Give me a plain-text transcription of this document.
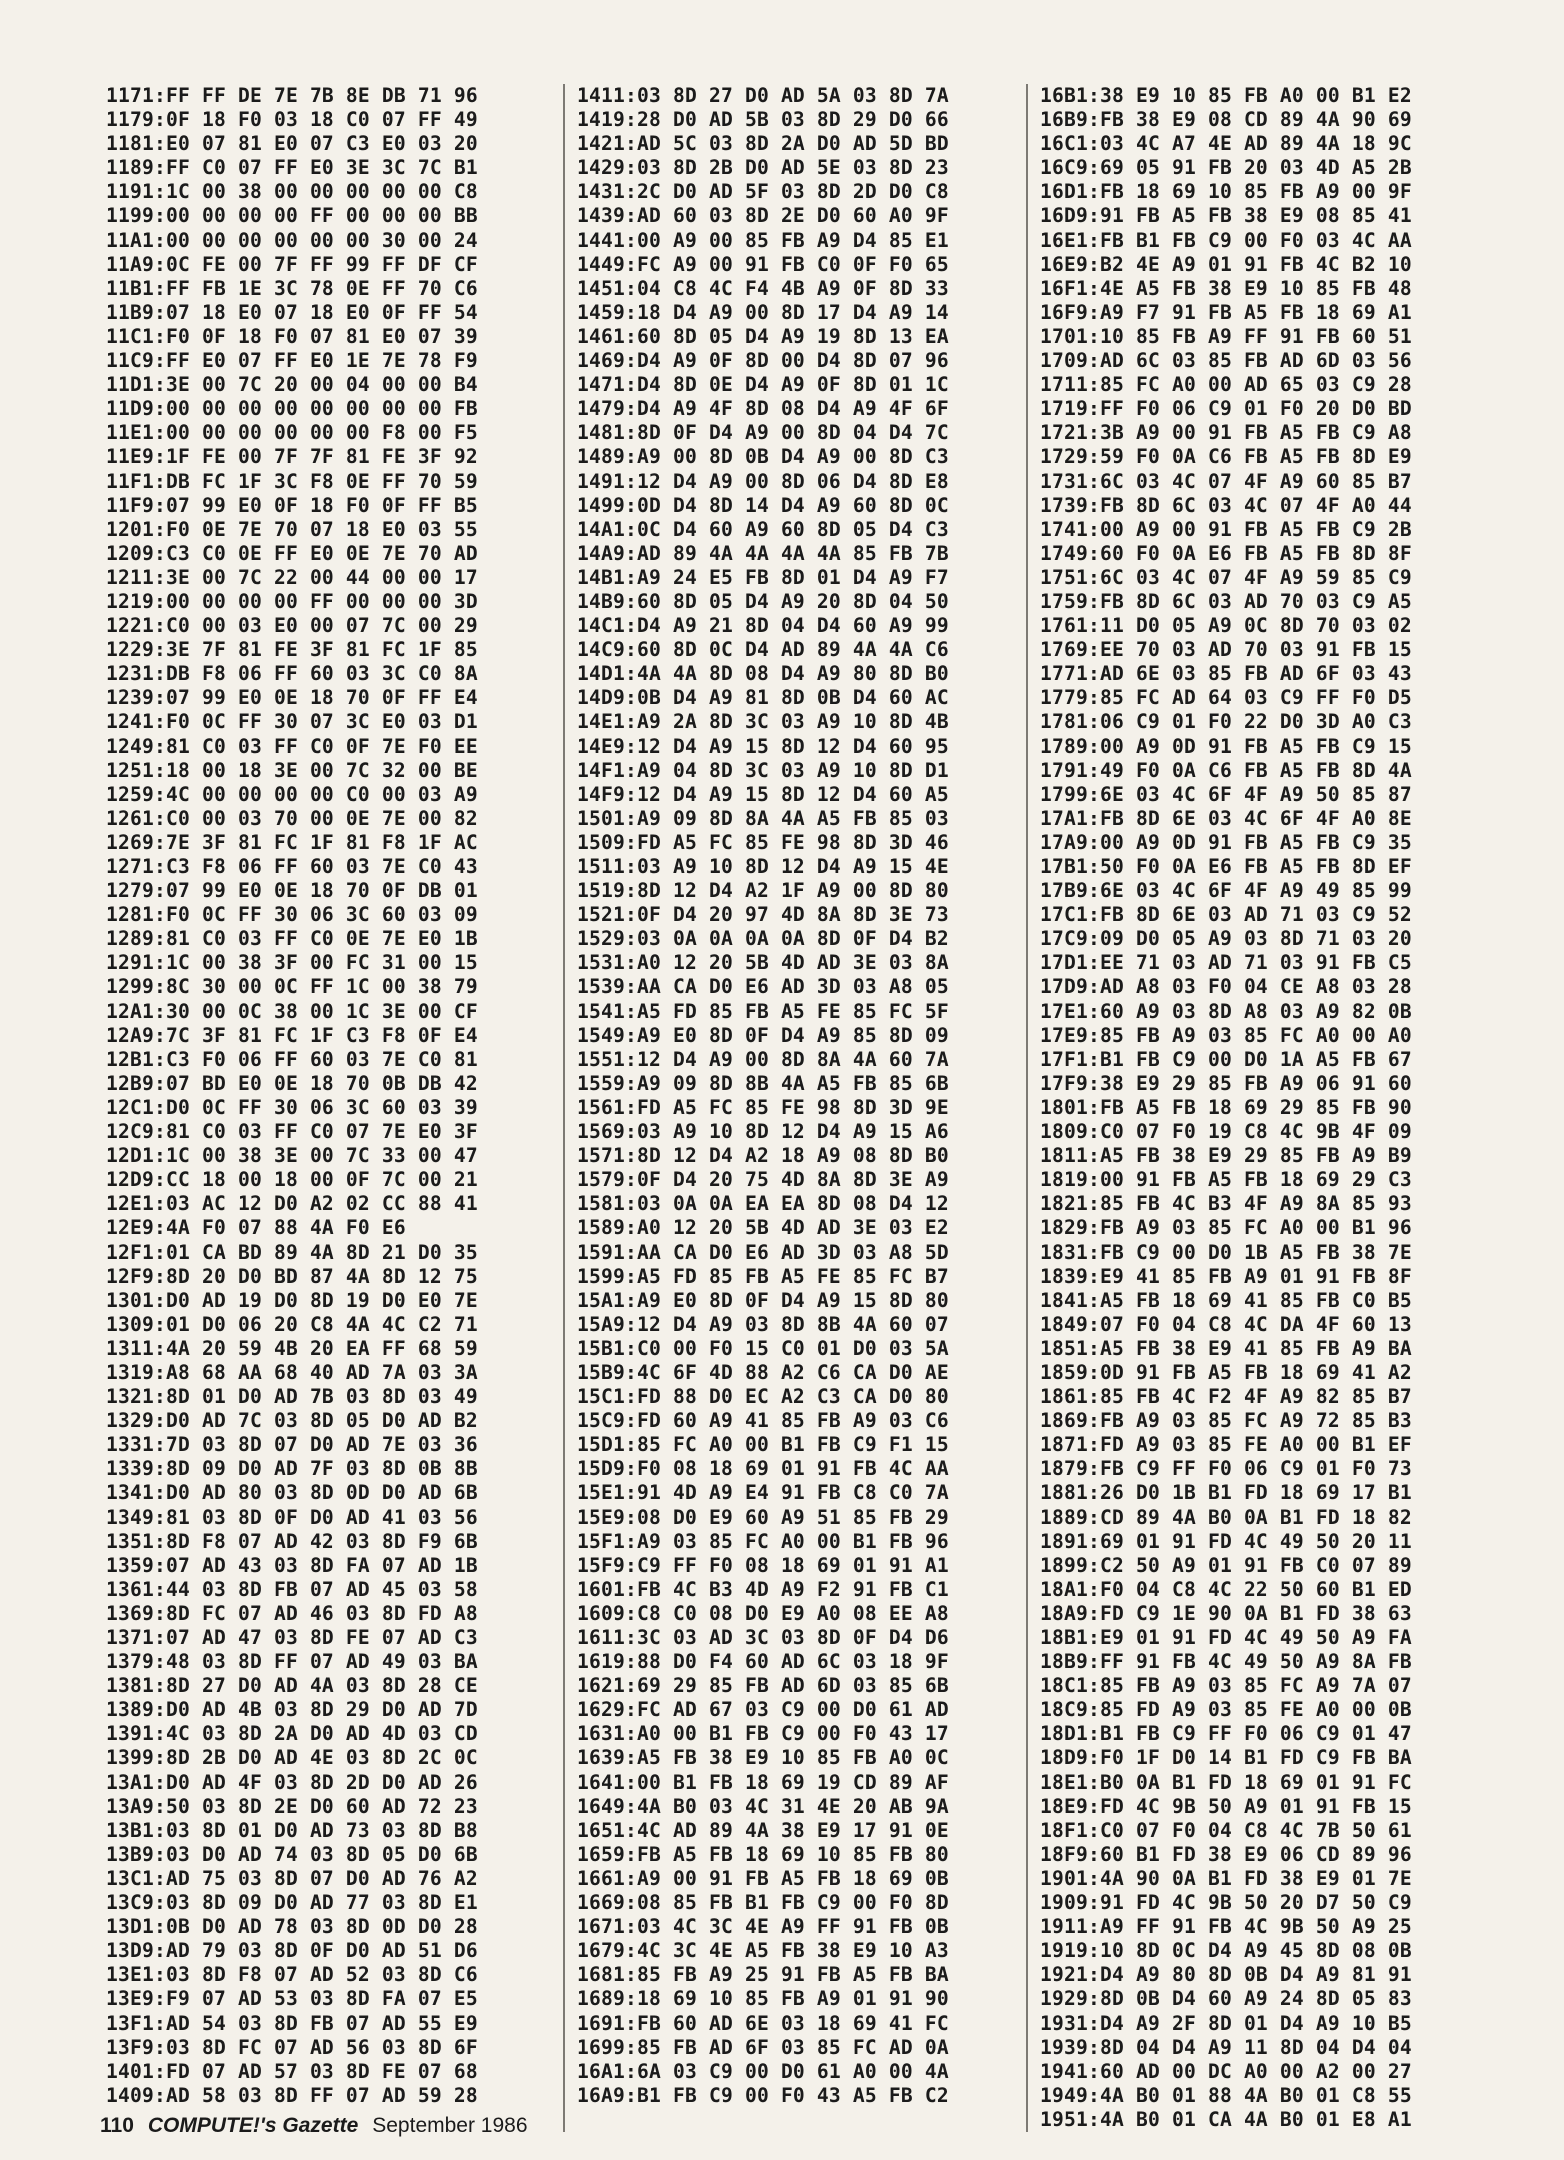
1171:FF FF DE 7E 7B 8E DB 71 96
1179:0F 18 F0 03 18 C0 07 FF 49
1181:E0 07 81 E0 07 C3 E0 03 20
1189:FF C0 07 FF E0 3E 3C 7C B1
1191:1C 00 38 00 00 00 00 00 C8
1199:00 00 00 00 FF 00 00 00 BB
11A1:00 00 00 00 00 00 30 00 24
11A9:0C FE 00 7F FF 99 FF DF CF
11B1:FF FB 1E 3C 78 0E FF 70 C6
11B9:07 18 E0 07 18 E0 0F FF 54
11C1:F0 0F 18 F0 07 81 E0 07 39
11C9:FF E0 07 FF E0 1E 7E 78 F9
11D1:3E 00 7C 20 00 04 00 00 B4
11D9:00 00 00 00 00 00 00 00 FB
11E1:00 00 00 00 00 00 F8 00 F5
11E9:1F FE 00 7F 7F 81 FE 3F 92
11F1:DB FC 1F 3C F8 0E FF 70 59
11F9:07 99 E0 0F 18 F0 0F FF B5
1201:F0 0E 7E 70 07 18 E0 03 55
1209:C3 C0 0E FF E0 0E 7E 70 AD
1211:3E 00 7C 22 00 44 00 00 17
1219:00 00 00 00 FF 00 00 00 3D
1221:C0 00 03 E0 00 07 7C 00 29
1229:3E 7F 81 FE 3F 81 FC 1F 85
1231:DB F8 06 FF 60 03 3C C0 8A
1239:07 99 E0 0E 18 70 0F FF E4
1241:F0 0C FF 30 07 3C E0 03 D1
1249:81 C0 03 FF C0 0F 7E F0 EE
1251:18 00 18 3E 00 7C 32 00 BE
1259:4C 00 00 00 00 C0 00 03 A9
1261:C0 00 03 70 00 0E 7E 00 82
1269:7E 3F 81 FC 1F 81 F8 1F AC
1271:C3 F8 06 FF 60 03 7E C0 43
1279:07 99 E0 0E 18 70 0F DB 01
1281:F0 0C FF 30 06 3C 60 03 09
1289:81 C0 03 FF C0 0E 7E E0 1B
1291:1C 00 38 3F 00 FC 31 00 15
1299:8C 30 00 0C FF 1C 00 38 79
12A1:30 00 0C 38 00 1C 3E 00 CF
12A9:7C 3F 81 FC 1F C3 F8 0F E4
12B1:C3 F0 06 FF 60 03 7E C0 81
12B9:07 BD E0 0E 18 70 0B DB 42
12C1:D0 0C FF 30 06 3C 60 03 39
12C9:81 C0 03 FF C0 07 7E E0 3F
12D1:1C 00 38 3E 00 7C 33 00 47
12D9:CC 18 00 18 00 0F 7C 00 21
12E1:03 AC 12 D0 A2 02 CC 88 41
12E9:4A F0 07 88 4A F0 E6
12F1:01 CA BD 89 4A 8D 21 D0 35
12F9:8D 20 D0 BD 87 4A 8D 12 75
1301:D0 AD 19 D0 8D 19 D0 E0 7E
1309:01 D0 06 20 C8 4A 4C C2 71
1311:4A 20 59 4B 20 EA FF 68 59
1319:A8 68 AA 68 40 AD 7A 03 3A
1321:8D 01 D0 AD 7B 03 8D 03 49
1329:D0 AD 7C 03 8D 05 D0 AD B2
1331:7D 03 8D 07 D0 AD 7E 03 36
1339:8D 09 D0 AD 7F 03 8D 0B 8B
1341:D0 AD 80 03 8D 0D D0 AD 6B
1349:81 03 8D 0F D0 AD 41 03 56
1351:8D F8 07 AD 42 03 8D F9 6B
1359:07 AD 43 03 8D FA 07 AD 1B
1361:44 03 8D FB 07 AD 45 03 58
1369:8D FC 07 AD 46 03 8D FD A8
1371:07 AD 47 03 8D FE 07 AD C3
1379:48 03 8D FF 07 AD 49 03 BA
1381:8D 27 D0 AD 4A 03 8D 28 CE
1389:D0 AD 4B 03 8D 29 D0 AD 7D
1391:4C 03 8D 2A D0 AD 4D 03 CD
1399:8D 2B D0 AD 4E 03 8D 2C 0C
13A1:D0 AD 4F 03 8D 2D D0 AD 26
13A9:50 03 8D 2E D0 60 AD 72 23
13B1:03 8D 01 D0 AD 73 03 8D B8
13B9:03 D0 AD 74 03 8D 05 D0 6B
13C1:AD 75 03 8D 07 D0 AD 76 A2
13C9:03 8D 09 D0 AD 77 03 8D E1
13D1:0B D0 AD 78 03 8D 0D D0 28
13D9:AD 79 03 8D 0F D0 AD 51 D6
13E1:03 8D F8 07 AD 52 03 8D C6
13E9:F9 07 AD 53 03 8D FA 07 E5
13F1:AD 54 03 8D FB 07 AD 55 E9
13F9:03 8D FC 07 AD 56 03 8D 6F
1401:FD 07 AD 57 03 8D FE 07 68
1409:AD 58 03 8D FF 07 AD 59 28
1411:03 8D 27 D0 AD 5A 03 8D 7A
1419:28 D0 AD 5B 03 8D 29 D0 66
1421:AD 5C 03 8D 2A D0 AD 5D BD
1429:03 8D 2B D0 AD 5E 03 8D 23
1431:2C D0 AD 5F 03 8D 2D D0 C8
1439:AD 60 03 8D 2E D0 60 A0 9F
1441:00 A9 00 85 FB A9 D4 85 E1
1449:FC A9 00 91 FB C0 0F F0 65
1451:04 C8 4C F4 4B A9 0F 8D 33
1459:18 D4 A9 00 8D 17 D4 A9 14
1461:60 8D 05 D4 A9 19 8D 13 EA
1469:D4 A9 0F 8D 00 D4 8D 07 96
1471:D4 8D 0E D4 A9 0F 8D 01 1C
1479:D4 A9 4F 8D 08 D4 A9 4F 6F
1481:8D 0F D4 A9 00 8D 04 D4 7C
1489:A9 00 8D 0B D4 A9 00 8D C3
1491:12 D4 A9 00 8D 06 D4 8D E8
1499:0D D4 8D 14 D4 A9 60 8D 0C
14A1:0C D4 60 A9 60 8D 05 D4 C3
14A9:AD 89 4A 4A 4A 4A 85 FB 7B
14B1:A9 24 E5 FB 8D 01 D4 A9 F7
14B9:60 8D 05 D4 A9 20 8D 04 50
14C1:D4 A9 21 8D 04 D4 60 A9 99
14C9:60 8D 0C D4 AD 89 4A 4A C6
14D1:4A 4A 8D 08 D4 A9 80 8D B0
14D9:0B D4 A9 81 8D 0B D4 60 AC
14E1:A9 2A 8D 3C 03 A9 10 8D 4B
14E9:12 D4 A9 15 8D 12 D4 60 95
14F1:A9 04 8D 3C 03 A9 10 8D D1
14F9:12 D4 A9 15 8D 12 D4 60 A5
1501:A9 09 8D 8A 4A A5 FB 85 03
1509:FD A5 FC 85 FE 98 8D 3D 46
1511:03 A9 10 8D 12 D4 A9 15 4E
1519:8D 12 D4 A2 1F A9 00 8D 80
1521:0F D4 20 97 4D 8A 8D 3E 73
1529:03 0A 0A 0A 0A 8D 0F D4 B2
1531:A0 12 20 5B 4D AD 3E 03 8A
1539:AA CA D0 E6 AD 3D 03 A8 05
1541:A5 FD 85 FB A5 FE 85 FC 5F
1549:A9 E0 8D 0F D4 A9 85 8D 09
1551:12 D4 A9 00 8D 8A 4A 60 7A
1559:A9 09 8D 8B 4A A5 FB 85 6B
1561:FD A5 FC 85 FE 98 8D 3D 9E
1569:03 A9 10 8D 12 D4 A9 15 A6
1571:8D 12 D4 A2 18 A9 08 8D B0
1579:0F D4 20 75 4D 8A 8D 3E A9
1581:03 0A 0A EA EA 8D 08 D4 12
1589:A0 12 20 5B 4D AD 3E 03 E2
1591:AA CA D0 E6 AD 3D 03 A8 5D
1599:A5 FD 85 FB A5 FE 85 FC B7
15A1:A9 E0 8D 0F D4 A9 15 8D 80
15A9:12 D4 A9 03 8D 8B 4A 60 07
15B1:C0 00 F0 15 C0 01 D0 03 5A
15B9:4C 6F 4D 88 A2 C6 CA D0 AE
15C1:FD 88 D0 EC A2 C3 CA D0 80
15C9:FD 60 A9 41 85 FB A9 03 C6
15D1:85 FC A0 00 B1 FB C9 F1 15
15D9:F0 08 18 69 01 91 FB 4C AA
15E1:91 4D A9 E4 91 FB C8 C0 7A
15E9:08 D0 E9 60 A9 51 85 FB 29
15F1:A9 03 85 FC A0 00 B1 FB 96
15F9:C9 FF F0 08 18 69 01 91 A1
1601:FB 4C B3 4D A9 F2 91 FB C1
1609:C8 C0 08 D0 E9 A0 08 EE A8
1611:3C 03 AD 3C 03 8D 0F D4 D6
1619:88 D0 F4 60 AD 6C 03 18 9F
1621:69 29 85 FB AD 6D 03 85 6B
1629:FC AD 67 03 C9 00 D0 61 AD
1631:A0 00 B1 FB C9 00 F0 43 17
1639:A5 FB 38 E9 10 85 FB A0 0C
1641:00 B1 FB 18 69 19 CD 89 AF
1649:4A B0 03 4C 31 4E 20 AB 9A
1651:4C AD 89 4A 38 E9 17 91 0E
1659:FB A5 FB 18 69 10 85 FB 80
1661:A9 00 91 FB A5 FB 18 69 0B
1669:08 85 FB B1 FB C9 00 F0 8D
1671:03 4C 3C 4E A9 FF 91 FB 0B
1679:4C 3C 4E A5 FB 38 E9 10 A3
1681:85 FB A9 25 91 FB A5 FB BA
1689:18 69 10 85 FB A9 01 91 90
1691:FB 60 AD 6E 03 18 69 41 FC
1699:85 FB AD 6F 03 85 FC AD 0A
16A1:6A 03 C9 00 D0 61 A0 00 4A
16A9:B1 FB C9 00 F0 43 A5 FB C2
16B1:38 E9 10 85 FB A0 00 B1 E2
16B9:FB 38 E9 08 CD 89 4A 90 69
16C1:03 4C A7 4E AD 89 4A 18 9C
16C9:69 05 91 FB 20 03 4D A5 2B
16D1:FB 18 69 10 85 FB A9 00 9F
16D9:91 FB A5 FB 38 E9 08 85 41
16E1:FB B1 FB C9 00 F0 03 4C AA
16E9:B2 4E A9 01 91 FB 4C B2 10
16F1:4E A5 FB 38 E9 10 85 FB 48
16F9:A9 F7 91 FB A5 FB 18 69 A1
1701:10 85 FB A9 FF 91 FB 60 51
1709:AD 6C 03 85 FB AD 6D 03 56
1711:85 FC A0 00 AD 65 03 C9 28
1719:FF F0 06 C9 01 F0 20 D0 BD
1721:3B A9 00 91 FB A5 FB C9 A8
1729:59 F0 0A C6 FB A5 FB 8D E9
1731:6C 03 4C 07 4F A9 60 85 B7
1739:FB 8D 6C 03 4C 07 4F A0 44
1741:00 A9 00 91 FB A5 FB C9 2B
1749:60 F0 0A E6 FB A5 FB 8D 8F
1751:6C 03 4C 07 4F A9 59 85 C9
1759:FB 8D 6C 03 AD 70 03 C9 A5
1761:11 D0 05 A9 0C 8D 70 03 02
1769:EE 70 03 AD 70 03 91 FB 15
1771:AD 6E 03 85 FB AD 6F 03 43
1779:85 FC AD 64 03 C9 FF F0 D5
1781:06 C9 01 F0 22 D0 3D A0 C3
1789:00 A9 0D 91 FB A5 FB C9 15
1791:49 F0 0A C6 FB A5 FB 8D 4A
1799:6E 03 4C 6F 4F A9 50 85 87
17A1:FB 8D 6E 03 4C 6F 4F A0 8E
17A9:00 A9 0D 91 FB A5 FB C9 35
17B1:50 F0 0A E6 FB A5 FB 8D EF
17B9:6E 03 4C 6F 4F A9 49 85 99
17C1:FB 8D 6E 03 AD 71 03 C9 52
17C9:09 D0 05 A9 03 8D 71 03 20
17D1:EE 71 03 AD 71 03 91 FB C5
17D9:AD A8 03 F0 04 CE A8 03 28
17E1:60 A9 03 8D A8 03 A9 82 0B
17E9:85 FB A9 03 85 FC A0 00 A0
17F1:B1 FB C9 00 D0 1A A5 FB 67
17F9:38 E9 29 85 FB A9 06 91 60
1801:FB A5 FB 18 69 29 85 FB 90
1809:C0 07 F0 19 C8 4C 9B 4F 09
1811:A5 FB 38 E9 29 85 FB A9 B9
1819:00 91 FB A5 FB 18 69 29 C3
1821:85 FB 4C B3 4F A9 8A 85 93
1829:FB A9 03 85 FC A0 00 B1 96
1831:FB C9 00 D0 1B A5 FB 38 7E
1839:E9 41 85 FB A9 01 91 FB 8F
1841:A5 FB 18 69 41 85 FB C0 B5
1849:07 F0 04 C8 4C DA 4F 60 13
1851:A5 FB 38 E9 41 85 FB A9 BA
1859:0D 91 FB A5 FB 18 69 41 A2
1861:85 FB 4C F2 4F A9 82 85 B7
1869:FB A9 03 85 FC A9 72 85 B3
1871:FD A9 03 85 FE A0 00 B1 EF
1879:FB C9 FF F0 06 C9 01 F0 73
1881:26 D0 1B B1 FD 18 69 17 B1
1889:CD 89 4A B0 0A B1 FD 18 82
1891:69 01 91 FD 4C 49 50 20 11
1899:C2 50 A9 01 91 FB C0 07 89
18A1:F0 04 C8 4C 22 50 60 B1 ED
18A9:FD C9 1E 90 0A B1 FD 38 63
18B1:E9 01 91 FD 4C 49 50 A9 FA
18B9:FF 91 FB 4C 49 50 A9 8A FB
18C1:85 FB A9 03 85 FC A9 7A 07
18C9:85 FD A9 03 85 FE A0 00 0B
18D1:B1 FB C9 FF F0 06 C9 01 47
18D9:F0 1F D0 14 B1 FD C9 FB BA
18E1:B0 0A B1 FD 18 69 01 91 FC
18E9:FD 4C 9B 50 A9 01 91 FB 15
18F1:C0 07 F0 04 C8 4C 7B 50 61
18F9:60 B1 FD 38 E9 06 CD 89 96
1901:4A 90 0A B1 FD 38 E9 01 7E
1909:91 FD 4C 9B 50 20 D7 50 C9
1911:A9 FF 91 FB 4C 9B 50 A9 25
1919:10 8D 0C D4 A9 45 8D 08 0B
1921:D4 A9 80 8D 0B D4 A9 81 91
1929:8D 0B D4 60 A9 24 8D 05 83
1931:D4 A9 2F 8D 01 D4 A9 10 B5
1939:8D 04 D4 A9 11 8D 04 D4 04
1941:60 AD 00 DC A0 00 A2 00 27
1949:4A B0 01 88 4A B0 01 C8 55
1951:4A B0 01 CA 4A B0 01 E8 A1
110 COMPUTE!'s Gazette September 1986
